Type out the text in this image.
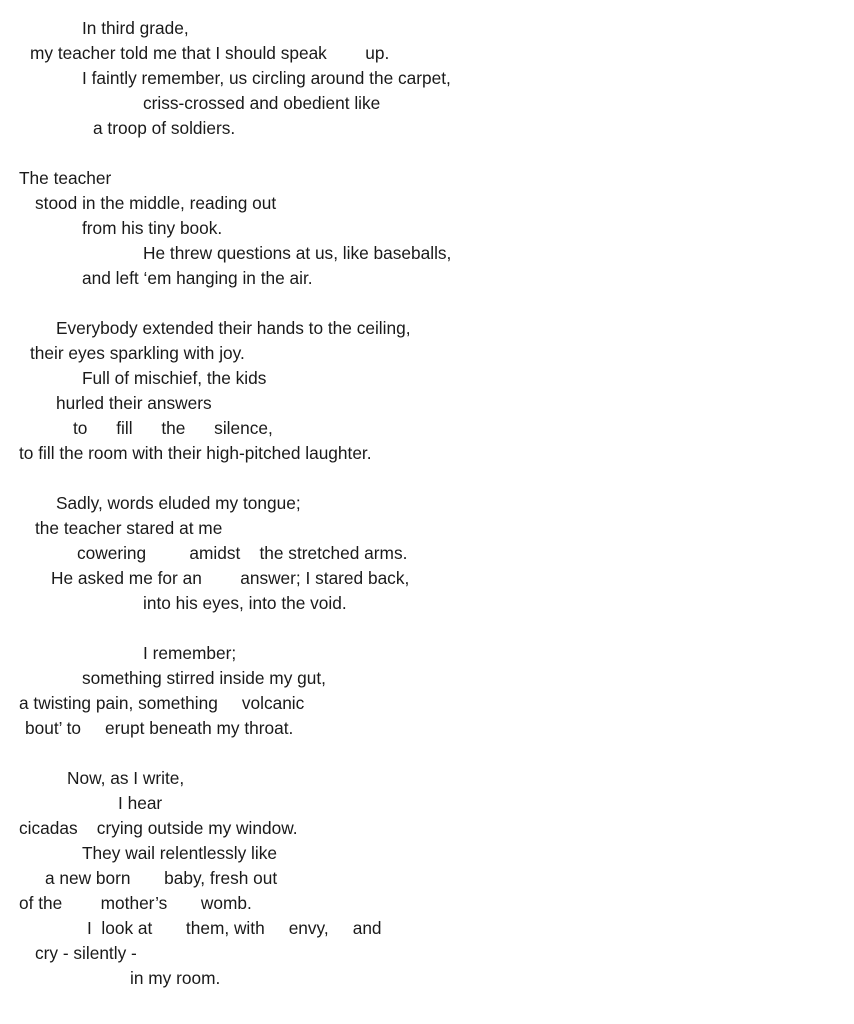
In third grade,
my teacher told me that I should speak        up.
I faintly remember, us circling around the carpet,
criss-crossed and obedient like
a troop of soldiers.
The teacher
stood in the middle, reading out
from his tiny book.
He threw questions at us, like baseballs,
and left ‘em hanging in the air.
Everybody extended their hands to the ceiling,
their eyes sparkling with joy.
Full of mischief, the kids
hurled their answers
to      fill      the      silence,
to fill the room with their high-pitched laughter.
Sadly, words eluded my tongue;
the teacher stared at me
cowering         amidst    the stretched arms.
He asked me for an        answer; I stared back,
into his eyes, into the void.
I remember;
something stirred inside my gut,
a twisting pain, something     volcanic
bout’ to     erupt beneath my throat.
Now, as I write,
I hear
cicadas    crying outside my window.
They wail relentlessly like
a new born       baby, fresh out
of the        mother’s       womb.
I  look at       them, with     envy,     and
cry - silently -
in my room.
